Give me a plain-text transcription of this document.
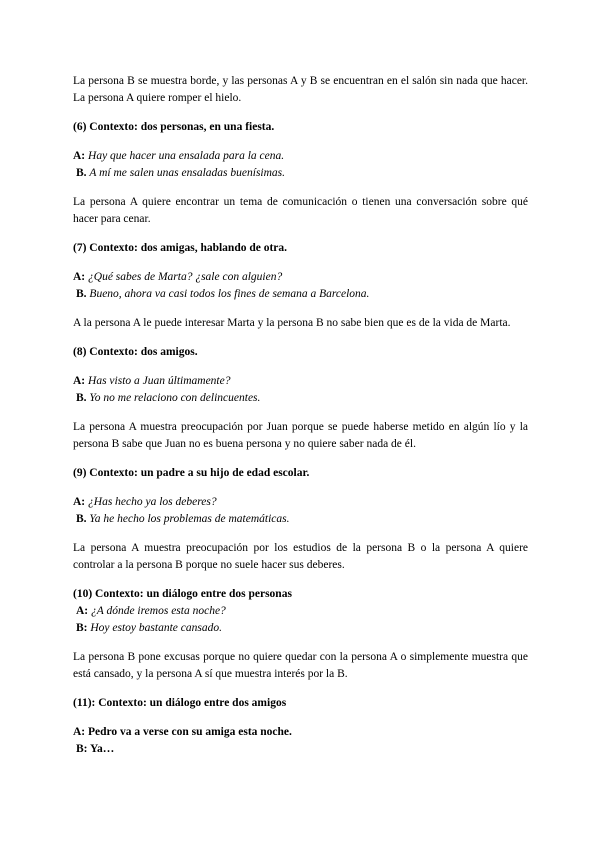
La persona B se muestra borde, y las personas A y B se encuentran en el salón sin nada que hacer. La persona A quiere romper el hielo.
(6) Contexto: dos personas, en una fiesta.
A: Hay que hacer una ensalada para la cena.
B. A mí me salen unas ensaladas buenísimas.
La persona A quiere encontrar un tema de comunicación o tienen una conversación sobre qué hacer para cenar.
(7) Contexto: dos amigas, hablando de otra.
A: ¿Qué sabes de Marta? ¿sale con alguien?
B. Bueno, ahora va casi todos los fines de semana a Barcelona.
A la persona A le puede interesar Marta y la persona B no sabe bien que es de la vida de Marta.
(8) Contexto: dos amigos.
A: Has visto a Juan últimamente?
B. Yo no me relaciono con delincuentes.
La persona A muestra preocupación por Juan porque se puede haberse metido en algún lío y la persona B sabe que Juan no es buena persona y no quiere saber nada de él.
(9) Contexto: un padre a su hijo de edad escolar.
A: ¿Has hecho ya los deberes?
B. Ya he hecho los problemas de matemáticas.
La persona A muestra preocupación por los estudios de la persona B o la persona A quiere controlar a la persona B porque no suele hacer sus deberes.
(10) Contexto: un diálogo entre dos personas
A: ¿A dónde iremos esta noche?
B: Hoy estoy bastante cansado.
La persona B pone excusas porque no quiere quedar con la persona A o simplemente muestra que está cansado, y la persona A sí que muestra interés por la B.
(11): Contexto: un diálogo entre dos amigos
A: Pedro va a verse con su amiga esta noche.
B: Ya…
